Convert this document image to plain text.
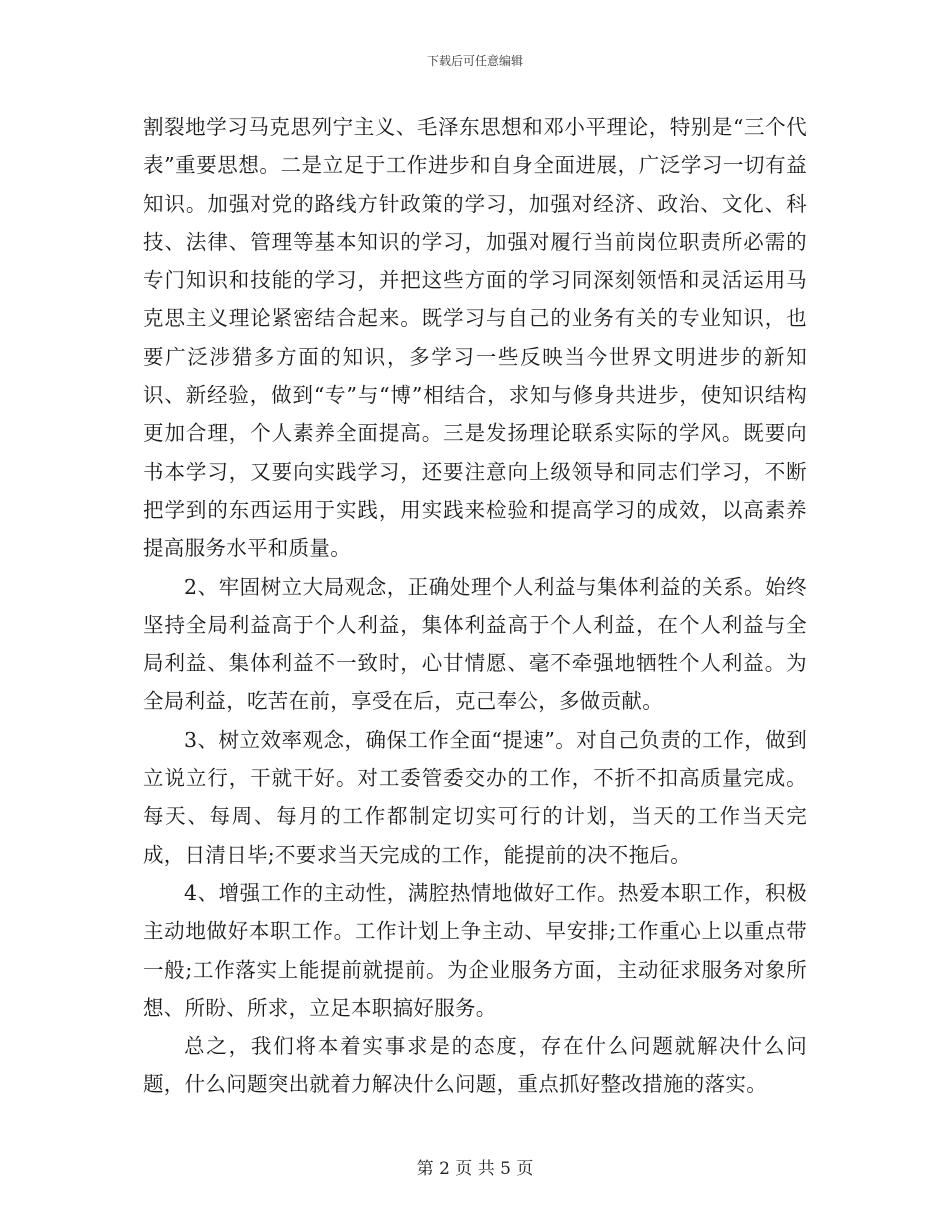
下载后可任意编辑

割裂地学习马克思列宁主义、毛泽东思想和邓小平理论，特别是“三个代表”重要思想。二是立足于工作进步和自身全面进展，广泛学习一切有益知识。加强对党的路线方针政策的学习，加强对经济、政治、文化、科技、法律、管理等基本知识的学习，加强对履行当前岗位职责所必需的专门知识和技能的学习，并把这些方面的学习同深刻领悟和灵活运用马克思主义理论紧密结合起来。既学习与自己的业务有关的专业知识，也要广泛涉猎多方面的知识，多学习一些反映当今世界文明进步的新知识、新经验，做到“专”与“博”相结合，求知与修身共进步，使知识结构更加合理，个人素养全面提高。三是发扬理论联系实际的学风。既要向书本学习，又要向实践学习，还要注意向上级领导和同志们学习，不断把学到的东西运用于实践，用实践来检验和提高学习的成效，以高素养提高服务水平和质量。

2、牢固树立大局观念，正确处理个人利益与集体利益的关系。始终坚持全局利益高于个人利益，集体利益高于个人利益，在个人利益与全局利益、集体利益不一致时，心甘情愿、毫不牵强地牺牲个人利益。为全局利益，吃苦在前，享受在后，克己奉公，多做贡献。

3、树立效率观念，确保工作全面“提速”。对自己负责的工作，做到立说立行，干就干好。对工委管委交办的工作，不折不扣高质量完成。每天、每周、每月的工作都制定切实可行的计划，当天的工作当天完成，日清日毕;不要求当天完成的工作，能提前的决不拖后。

4、增强工作的主动性，满腔热情地做好工作。热爱本职工作，积极主动地做好本职工作。工作计划上争主动、早安排;工作重心上以重点带一般;工作落实上能提前就提前。为企业服务方面，主动征求服务对象所想、所盼、所求，立足本职搞好服务。

总之，我们将本着实事求是的态度，存在什么问题就解决什么问题，什么问题突出就着力解决什么问题，重点抓好整改措施的落实。

第 2 页 共 5 页
